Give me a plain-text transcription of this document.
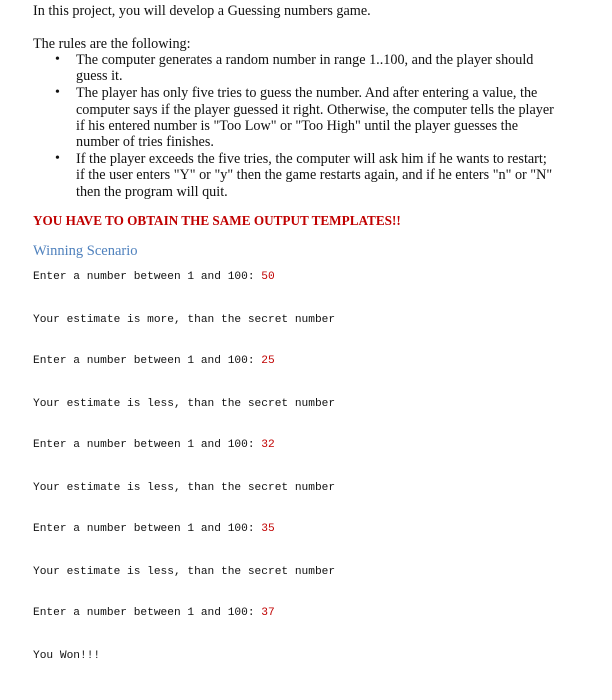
In this project, you will develop a Guessing numbers game.
The rules are the following:
• The computer generates a random number in range 1..100, and the player should guess it.
• The player has only five tries to guess the number. And after entering a value, the computer says if the player guessed it right. Otherwise, the computer tells the player if his entered number is "Too Low" or "Too High" until the player guesses the number of tries finishes.
• If the player exceeds the five tries, the computer will ask him if he wants to restart; if the user enters "Y" or "y" then the game restarts again, and if he enters "n" or "N" then the program will quit.
YOU HAVE TO OBTAIN THE SAME OUTPUT TEMPLATES!!
Winning Scenario
Enter a number between 1 and 100: 50
Your estimate is more, than the secret number
Enter a number between 1 and 100: 25
Your estimate is less, than the secret number
Enter a number between 1 and 100: 32
Your estimate is less, than the secret number
Enter a number between 1 and 100: 35
Your estimate is less, than the secret number
Enter a number between 1 and 100: 37
You Won!!!
